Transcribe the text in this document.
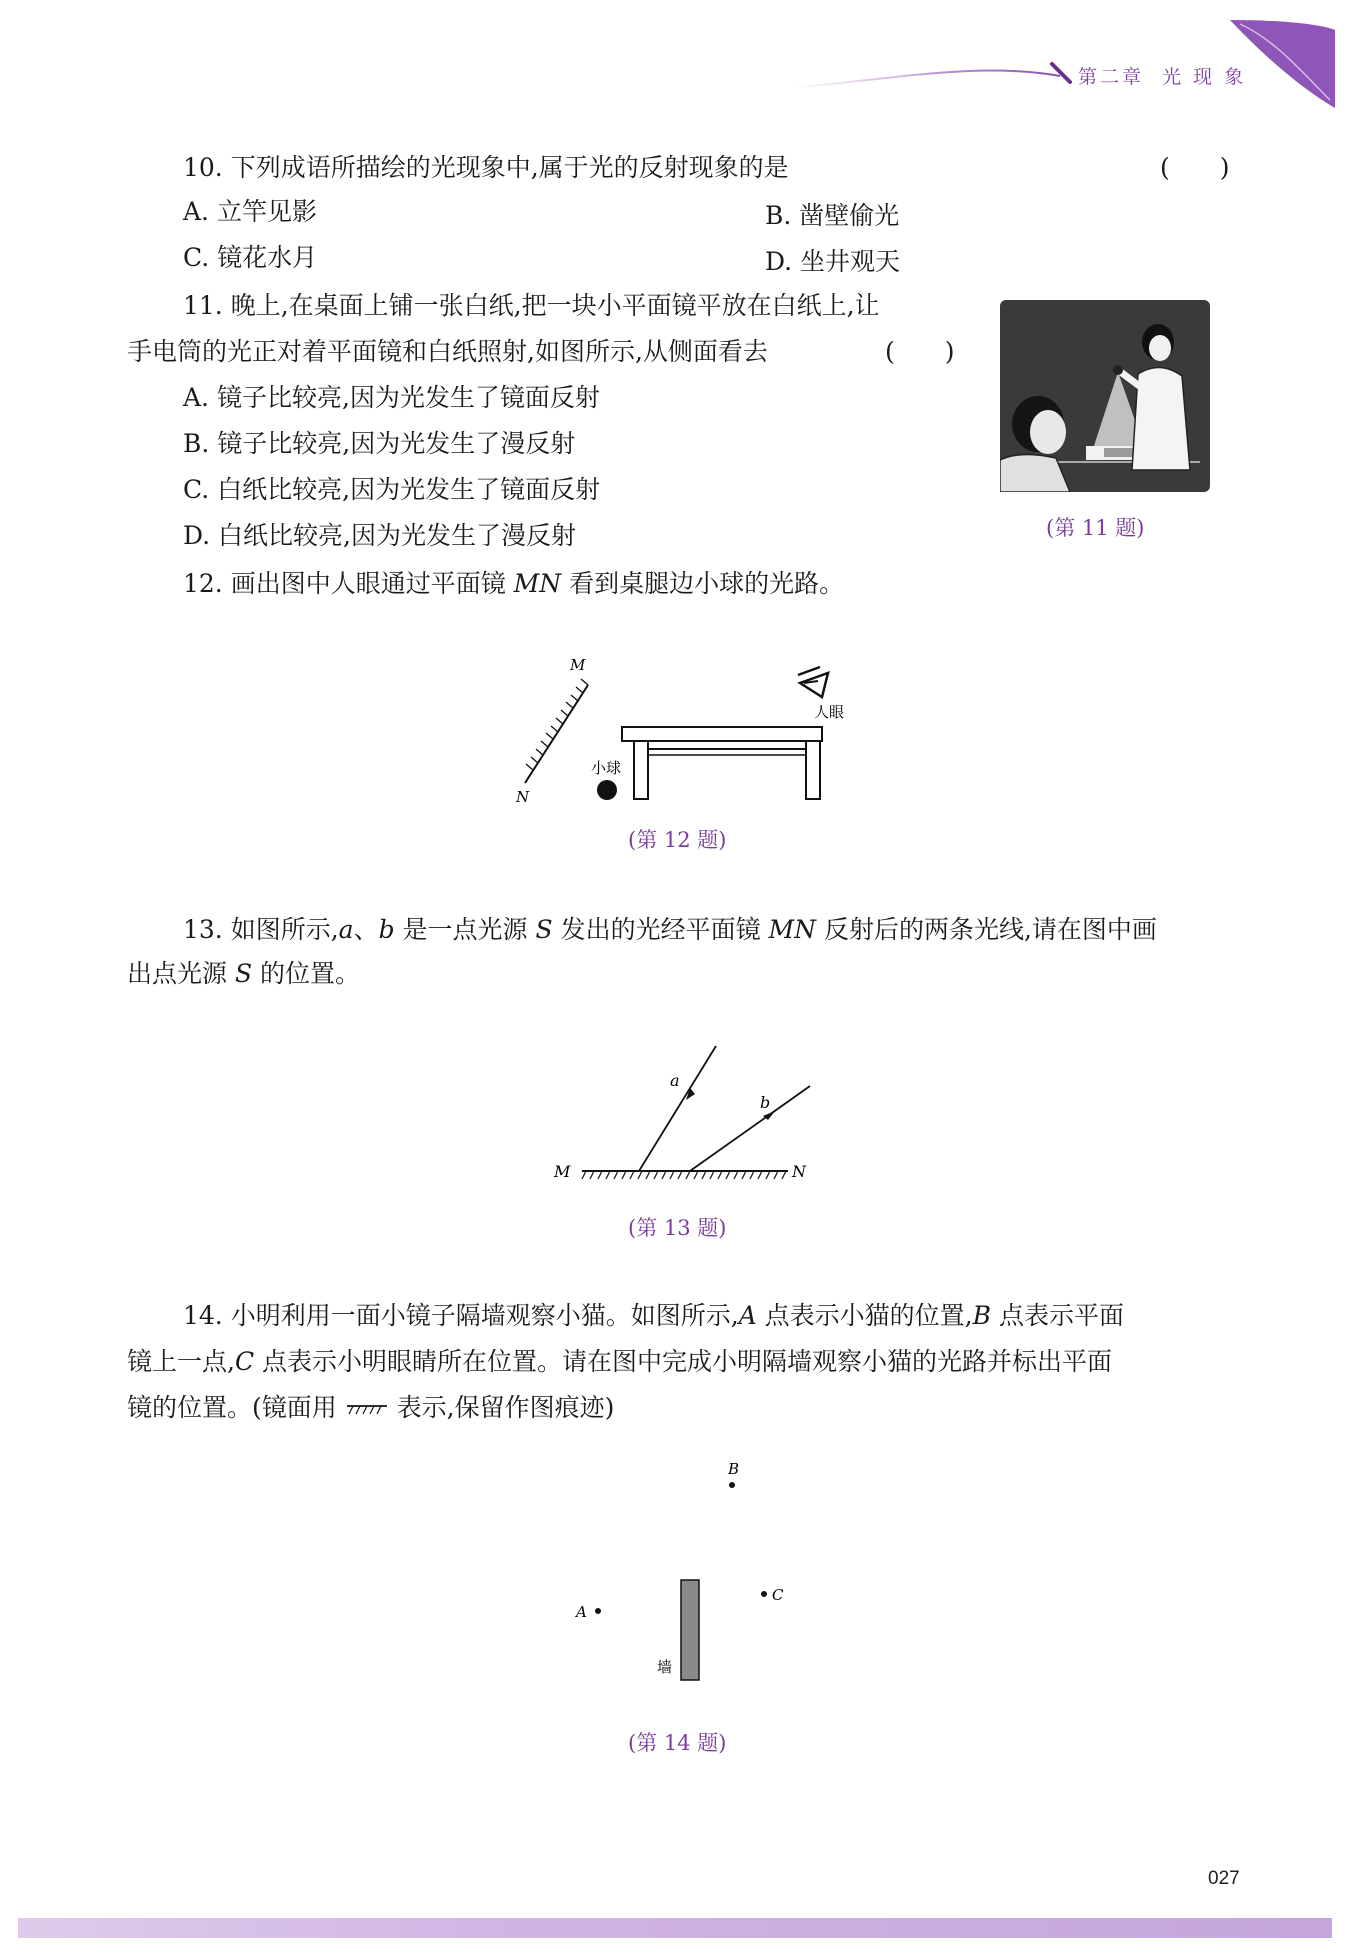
第二章 光 现 象
10. 下列成语所描绘的光现象中,属于光的反射现象的是	(　　)
A. 立竿见影	B. 凿壁偷光
C. 镜花水月	D. 坐井观天
11. 晚上,在桌面上铺一张白纸,把一块小平面镜平放在白纸上,让
手电筒的光正对着平面镜和白纸照射,如图所示,从侧面看去	(　　)
A. 镜子比较亮,因为光发生了镜面反射
B. 镜子比较亮,因为光发生了漫反射
C. 白纸比较亮,因为光发生了镜面反射
D. 白纸比较亮,因为光发生了漫反射	(第 11 题)
12. 画出图中人眼通过平面镜 MN 看到桌腿边小球的光路。
M
N
小球
人眼
(第 12 题)
13. 如图所示,a、b 是一点光源 S 发出的光经平面镜 MN 反射后的两条光线,请在图中画
出点光源 S 的位置。
a
b
M	N
(第 13 题)
14. 小明利用一面小镜子隔墙观察小猫。如图所示,A 点表示小猫的位置,B 点表示平面
镜上一点,C 点表示小明眼睛所在位置。请在图中完成小明隔墙观察小猫的光路并标出平面
镜的位置。(镜面用  表示,保留作图痕迹)
B
C
A
墙
(第 14 题)
027
